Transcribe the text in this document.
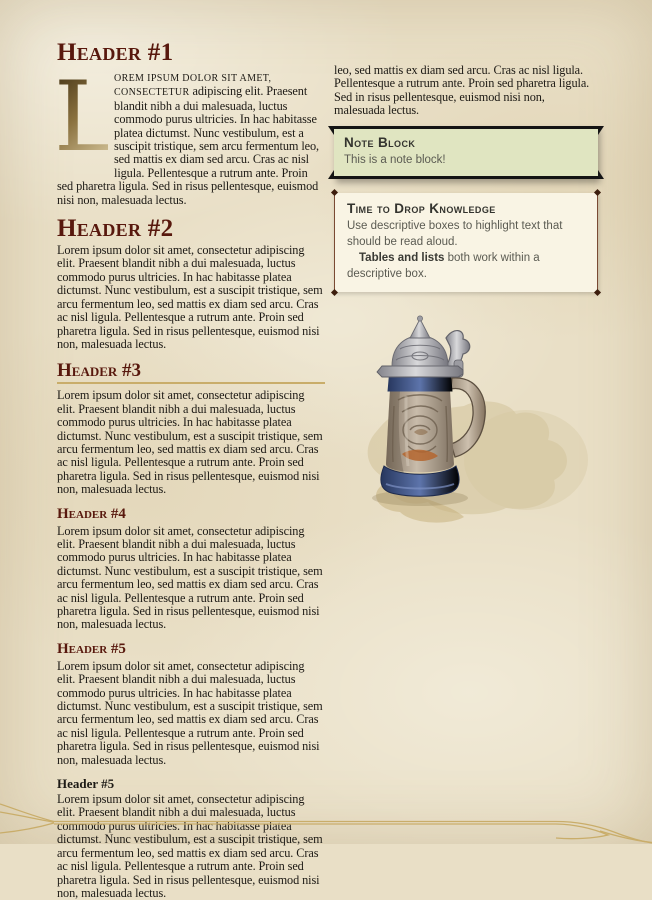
Header #1

L
OREM IPSUM DOLOR SIT AMET, CONSECTETUR adipiscing elit. Praesent blandit nibh a dui malesuada, luctus commodo purus ultricies. In hac habitasse platea dictumst. Nunc vestibulum, est a suscipit tristique, sem arcu fermentum leo, sed mattis ex diam sed arcu. Cras ac nisl ligula. Pellentesque a rutrum ante. Proin sed pharetra ligula. Sed in risus pellentesque, euismod nisi non, malesuada lectus.

Header #2

Lorem ipsum dolor sit amet, consectetur adipiscing elit. Praesent blandit nibh a dui malesuada, luctus commodo purus ultricies. In hac habitasse platea dictumst. Nunc vestibulum, est a suscipit tristique, sem arcu fermentum leo, sed mattis ex diam sed arcu. Cras ac nisl ligula. Pellentesque a rutrum ante. Proin sed pharetra ligula. Sed in risus pellentesque, euismod nisi non, malesuada lectus.

Header #3

Lorem ipsum dolor sit amet, consectetur adipiscing elit. Praesent blandit nibh a dui malesuada, luctus commodo purus ultricies. In hac habitasse platea dictumst. Nunc vestibulum, est a suscipit tristique, sem arcu fermentum leo, sed mattis ex diam sed arcu. Cras ac nisl ligula. Pellentesque a rutrum ante. Proin sed pharetra ligula. Sed in risus pellentesque, euismod nisi non, malesuada lectus.

Header #4

Lorem ipsum dolor sit amet, consectetur adipiscing elit. Praesent blandit nibh a dui malesuada, luctus commodo purus ultricies. In hac habitasse platea dictumst. Nunc vestibulum, est a suscipit tristique, sem arcu fermentum leo, sed mattis ex diam sed arcu. Cras ac nisl ligula. Pellentesque a rutrum ante. Proin sed pharetra ligula. Sed in risus pellentesque, euismod nisi non, malesuada lectus.

Header #5

Lorem ipsum dolor sit amet, consectetur adipiscing elit. Praesent blandit nibh a dui malesuada, luctus commodo purus ultricies. In hac habitasse platea dictumst. Nunc vestibulum, est a suscipit tristique, sem arcu fermentum leo, sed mattis ex diam sed arcu. Cras ac nisl ligula. Pellentesque a rutrum ante. Proin sed pharetra ligula. Sed in risus pellentesque, euismod nisi non, malesuada lectus.

Header #5

Lorem ipsum dolor sit amet, consectetur adipiscing elit. Praesent blandit nibh a dui malesuada, luctus commodo purus ultricies. In hac habitasse platea dictumst. Nunc vestibulum, est a suscipit tristique, sem arcu fermentum leo, sed mattis ex diam sed arcu. Cras ac nisl ligula. Pellentesque a rutrum ante. Proin sed pharetra ligula. Sed in risus pellentesque, euismod nisi non, malesuada lectus.

leo, sed mattis ex diam sed arcu. Cras ac nisl ligula. Pellentesque a rutrum ante. Proin sed pharetra ligula. Sed in risus pellentesque, euismod nisi non, malesuada lectus.

Note Block

This is a note block!

Time to Drop Knowledge

Use descriptive boxes to highlight text that should be read aloud.

Tables and lists both work within a descriptive box.
